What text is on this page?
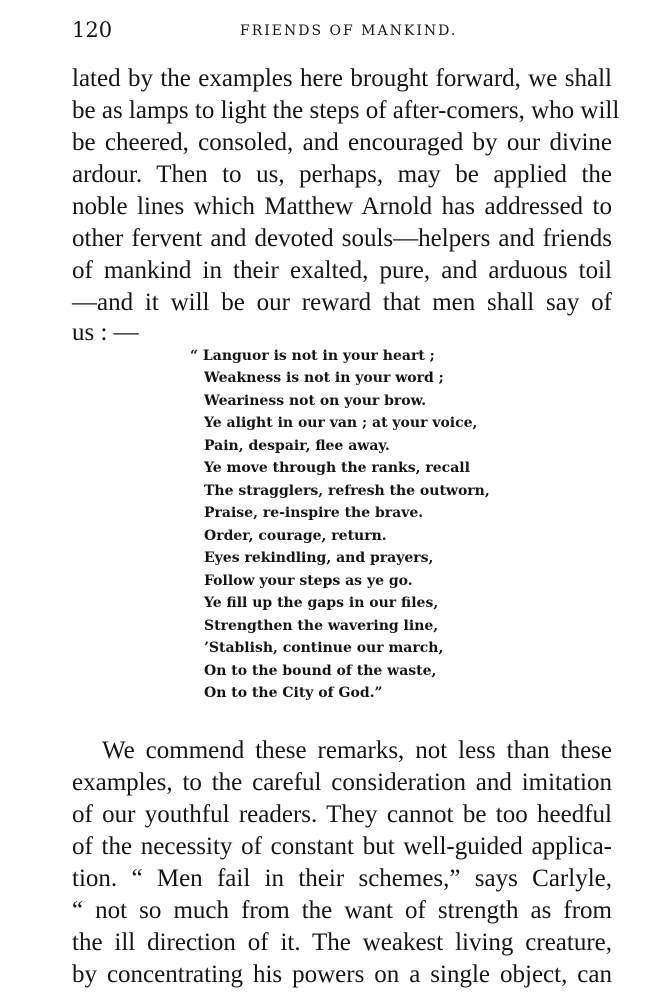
120	FRIENDS OF MANKIND.
lated by the examples here brought forward, we shall
be as lamps to light the steps of after-comers, who will
be cheered, consoled, and encouraged by our divine
ardour. Then to us, perhaps, may be applied the
noble lines which Matthew Arnold has addressed to
other fervent and devoted souls—helpers and friends
of mankind in their exalted, pure, and arduous toil
—and it will be our reward that men shall say of
us : —
“ Languor is not in your heart ;
Weakness is not in your word ;
Weariness not on your brow.
Ye alight in our van ; at your voice,
Pain, despair, flee away.
Ye move through the ranks, recall
The stragglers, refresh the outworn,
Praise, re-inspire the brave.
Order, courage, return.
Eyes rekindling, and prayers,
Follow your steps as ye go.
Ye fill up the gaps in our files,
Strengthen the wavering line,
’Stablish, continue our march,
On to the bound of the waste,
On to the City of God.”
We commend these remarks, not less than these
examples, to the careful consideration and imitation
of our youthful readers. They cannot be too heedful
of the necessity of constant but well-guided applica-
tion. “ Men fail in their schemes,” says Carlyle,
“ not so much from the want of strength as from
the ill direction of it. The weakest living creature,
by concentrating his powers on a single object, can
